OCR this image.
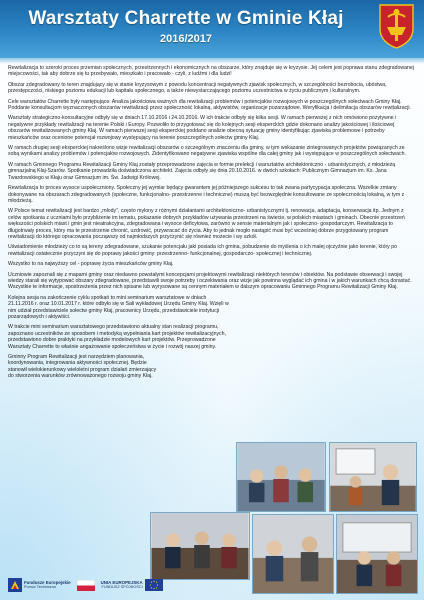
Warsztaty Charrette w Gminie Kłaj
2016/2017

Rewitalizacja to szeroki proces przemian społecznych, przestrzennych i ekonomicznych na obszarze, który znajduje się w kryzysie. Jej celem jest poprawa stanu zdegradowanej miejscowości, tak aby dobrze się tu przebywało, mieszkało i pracowało - czyli, z ludźmi i dla ludzi!

Obszar zdegradowany to teren znajdujący się w stanie kryzysowym z powodu koncentracji negatywnych zjawisk społecznych, w szczególności bezrobocia, ubóstwa, przestępczości, niskiego poziomu edukacji lub kapitału społecznego, a także niewystarczającego poziomu uczestnictwa w życiu publicznym i kulturalnym.

Cele warsztatów Charrette były następujące: Analiza jakościowa ważnych dla rewitalizacji problemów i potencjałów rozwojowych w poszczególnych sołectwach Gminy Kłaj. Poddanie konsultacjom wyznaczonych obszarów rewitalizacji przez społeczność lokalną, aktywistów, organizacje pozarządowe. Weryfikacja i delimitacja obszarów rewitalizacji.

Warsztaty strategiczno-konsultacyjne odbyły się w dniach 17.10.2016 i 24.10.2016. W ich trakcie odbyły się kilka sesji. W ramach pierwszej z nich omówiono pozytywne i negatywne przykłady rewitalizacji na terenie Polski i Europy. Pozwoliło to przygotować się do kolejnych sesji eksperckich gdzie dokonano analizy jakościowej i ilościowej obszarów rewitalizowanych gminy Kłaj. W ramach pierwszej sesji eksperckiej poddano analizie obecną sytuację gminy identyfikując zjawiska problemowe i potrzeby mieszkańców oraz ocenione potencjał rozwojowy występujący na terenie poszczególnych sołectw gminy Kłaj.

W ramach drugiej sesji eksperckiej nakreślono wizje rewitalizacji obszarów o szczególnym znaczeniu dla gminy, w tym wskazanie zintegrowanych projektów powiązanych ze sobą wynikami analizy problemów i potencjałów rozwojowych. Zidentyfikowano negatywne zjawiska wspólne dla całej gminy jak i występujące w poszczególnych sołectwach.

W ramach Gminnego Programu Rewitalizacji Gminy Kłaj zostały przeprowadzone zajęcia w formie prelekcji i warsztatów architektoniczno - urbanistycznych, z młodzieżą gimnazjalną Kłaj-Szarów. Spotkanie prowadziła doświadczona architekt. Zajęcia odbyły się dnia 20.10.2016. w dwóch szkołach: Publicznym Gimnazjum im. Ks. Jana Twardowskiego w Kłaju oraz Gimnazjum im. Św. Jadwigi Królowej.

Rewitalizacja to proces wysoce uspołeczniony. Społeczny jej wymiar będący gwarantem jej późniejszego sukcesu to tak zwana partycypacja społeczna. Wszelkie zmiany dokonywane na obszarach zdegradowanych (społeczne, funkcjonalno- przestrzenne i techniczne) muszą być bezwzględnie konsultowane ze społecznością lokalną, w tym z młodzieżą.

W Polsce temat rewitalizacji jest bardzo „młody”, często mylony z różnymi działaniami architektoniczno- urbanistycznymi tj. renowacja, adaptacja, konserwacja itp. Jednym z celów spotkania z uczniami było przybliżenie im tematu, pokazanie dobrych przykładów używania przestrzeni na świecie, w polskich miastach i gminach. Obecnie przestrzeń większości polskich miast i gmin jest nieatrakcyjna, zdegradowana i wysoce deficytowa, zarówno w sensie materialnym jak i społeczno- gospodarczym. Rewitalizacja to długotrwały proces, który ma te przestrzenie chronić, uzdrowić, przywracać do życia. Aby to jednak mogło nastąpić musi być wcześniej dobrze przygotowany program rewitalizacji do którego opracowania począwszy od najmłodszych przyczynić się również możecie i wy szkół.

Uświadomienie młodzieży co to są tereny zdegradowane, szukanie potencjału jaki posiada ich gmina, pobudzenie do myślenia o ich małej ojczyźnie jako terenie, który po rewitalizacji ostatecznie przyczyni się do poprawy jakości gminy: przestrzenno- funkcjonalnej, gospodarczo- społecznej i technicznej.

Wszystko to na najwyższy cel - poprawę życia mieszkańców gminy Kłaj.

Uczniowie zapoznali się z mapami gminy oraz niedawno powstałymi koncepcjami projektowymi rewitalizacji niektórych terenów i obiektów. Na podstawie obserwacji i swojej wiedzy starali się wytypować obszary zdegradowane, przedstawili swoje potrzeby i oczekiwania oraz wizje jak powinna wyglądać ich gmina i w jakich warunkach chcą dorastać. Wszystkie te informacje, spostrzeżenia przez nich spisane lub wyrysowane są cennym materiałem w dalszym opracowaniu Gminnego Programu Rewitalizacji Gminy Kłaj.

Kolejna sesja na zakończenie cyklu spotkań to mini seminarium warsztatowe w dniach 21.11.2016 r. oraz 10.01.2017 r. które odbyło się w Sali wykładowej Urzędu Gminy Kłaj. Wzięli w nim udział przedstawiciele sołectw gminy Kłaj, pracownicy Urzędu, przedstawiciele instytucji pozarządowych i aktywiści.

W trakcie mini seminarium warsztatowego przedstawiono aktualny stan realizacji programu, zapoznano uczestników ze sposobem i metodyką wypełniania kart projektów rewitalizacyjnych, przedstawiono dobre praktyki na przykładzie modelowych kart projektów. Przeprowadzone Warsztaty Charrette to właśnie angażowanie społeczeństwa w życie i rozwój naszej gminy.

Gminny Program Rewitalizacji jest narzędziem planowania, koordynowania, integrowania aktywności społecznej. Będzie stanowił wielokierunkowy wieloletni program działań zmierzający do stworzenia warunków zrównoważonego rozwoju gminy Kłaj.

Fundusze Europejskie
Pomoc Techniczna
UNIA EUROPEJSKA
FUNDUSZ SPÓJNOŚCI
